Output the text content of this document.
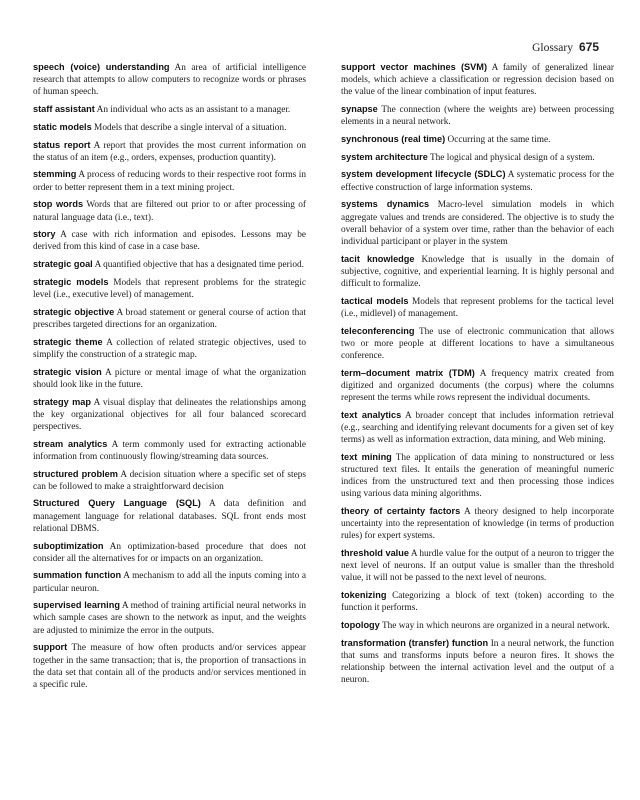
Glossary 675

speech (voice) understanding An area of artificial intelligence research that attempts to allow computers to recognize words or phrases of human speech.

staff assistant An individual who acts as an assistant to a manager.

static models Models that describe a single interval of a situation.

status report A report that provides the most current information on the status of an item (e.g., orders, expenses, production quantity).

stemming A process of reducing words to their respective root forms in order to better represent them in a text mining project.

stop words Words that are filtered out prior to or after processing of natural language data (i.e., text).

story A case with rich information and episodes. Lessons may be derived from this kind of case in a case base.

strategic goal A quantified objective that has a designated time period.

strategic models Models that represent problems for the strategic level (i.e., executive level) of management.

strategic objective A broad statement or general course of action that prescribes targeted directions for an organization.

strategic theme A collection of related strategic objectives, used to simplify the construction of a strategic map.

strategic vision A picture or mental image of what the organization should look like in the future.

strategy map A visual display that delineates the relationships among the key organizational objectives for all four balanced scorecard perspectives.

stream analytics A term commonly used for extracting actionable information from continuously flowing/streaming data sources.

structured problem A decision situation where a specific set of steps can be followed to make a straightforward decision

Structured Query Language (SQL) A data definition and management language for relational databases. SQL front ends most relational DBMS.

suboptimization An optimization-based procedure that does not consider all the alternatives for or impacts on an organization.

summation function A mechanism to add all the inputs coming into a particular neuron.

supervised learning A method of training artificial neural networks in which sample cases are shown to the network as input, and the weights are adjusted to minimize the error in the outputs.

support The measure of how often products and/or services appear together in the same transaction; that is, the proportion of transactions in the data set that contain all of the products and/or services mentioned in a specific rule.

support vector machines (SVM) A family of generalized linear models, which achieve a classification or regression decision based on the value of the linear combination of input features.

synapse The connection (where the weights are) between processing elements in a neural network.

synchronous (real time) Occurring at the same time.

system architecture The logical and physical design of a system.

system development lifecycle (SDLC) A systematic process for the effective construction of large information systems.

systems dynamics Macro-level simulation models in which aggregate values and trends are considered. The objective is to study the overall behavior of a system over time, rather than the behavior of each individual participant or player in the system

tacit knowledge Knowledge that is usually in the domain of subjective, cognitive, and experiential learning. It is highly personal and difficult to formalize.

tactical models Models that represent problems for the tactical level (i.e., midlevel) of management.

teleconferencing The use of electronic communication that allows two or more people at different locations to have a simultaneous conference.

term–document matrix (TDM) A frequency matrix created from digitized and organized documents (the corpus) where the columns represent the terms while rows represent the individual documents.

text analytics A broader concept that includes information retrieval (e.g., searching and identifying relevant documents for a given set of key terms) as well as information extraction, data mining, and Web mining.

text mining The application of data mining to nonstructured or less structured text files. It entails the generation of meaningful numeric indices from the unstructured text and then processing those indices using various data mining algorithms.

theory of certainty factors A theory designed to help incorporate uncertainty into the representation of knowledge (in terms of production rules) for expert systems.

threshold value A hurdle value for the output of a neuron to trigger the next level of neurons. If an output value is smaller than the threshold value, it will not be passed to the next level of neurons.

tokenizing Categorizing a block of text (token) according to the function it performs.

topology The way in which neurons are organized in a neural network.

transformation (transfer) function In a neural network, the function that sums and transforms inputs before a neuron fires. It shows the relationship between the internal activation level and the output of a neuron.
